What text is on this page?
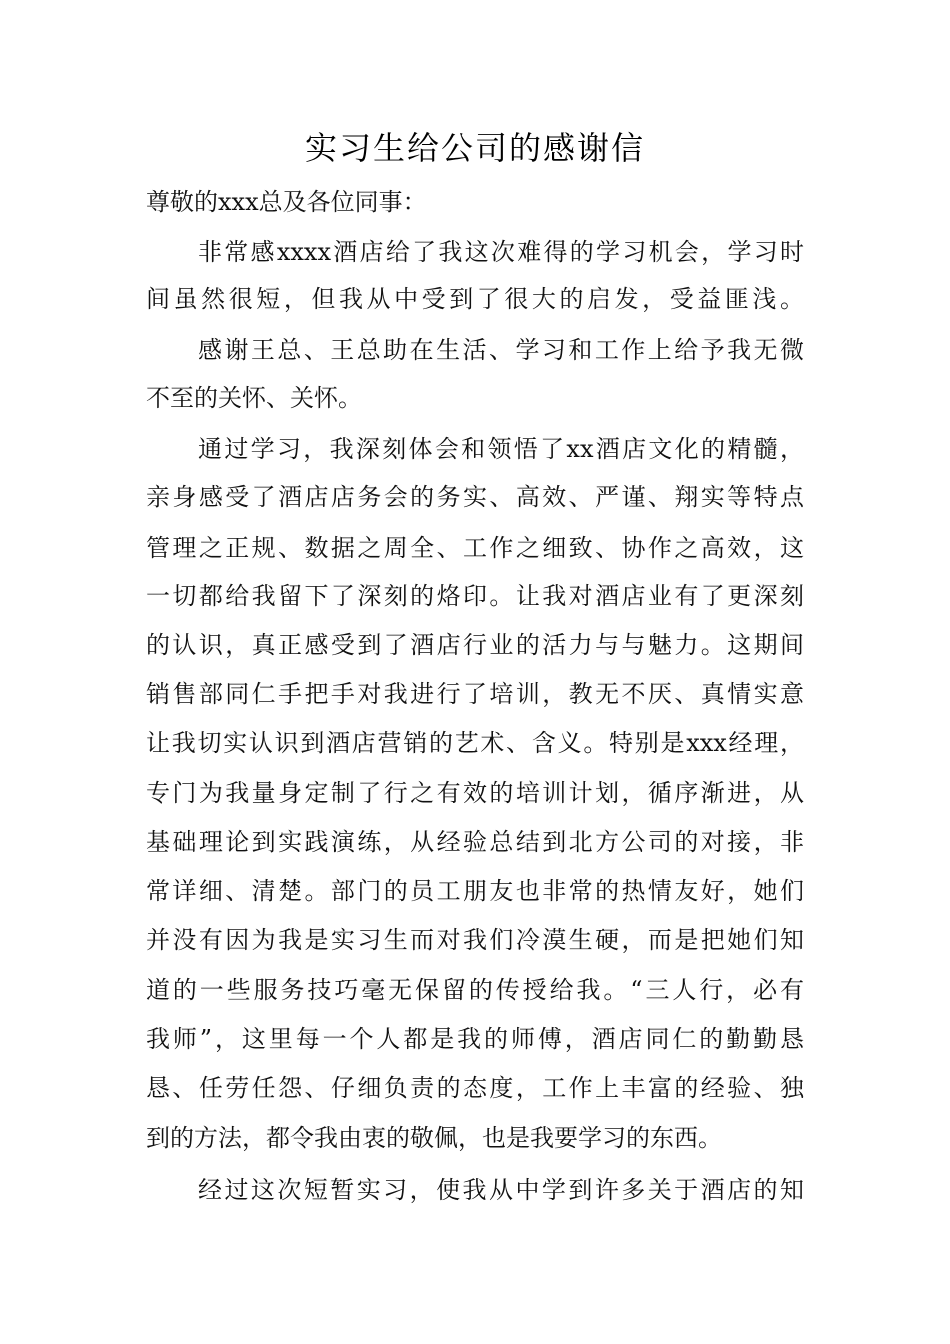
实习生给公司的感谢信
尊敬的xxx总及各位同事：
非常感xxxx酒店给了我这次难得的学习机会，学习时
间虽然很短，但我从中受到了很大的启发，受益匪浅。
感谢王总、王总助在生活、学习和工作上给予我无微
不至的关怀、关怀。
通过学习，我深刻体会和领悟了xx酒店文化的精髓，
亲身感受了酒店店务会的务实、高效、严谨、翔实等特点
管理之正规、数据之周全、工作之细致、协作之高效，这
一切都给我留下了深刻的烙印。让我对酒店业有了更深刻
的认识，真正感受到了酒店行业的活力与与魅力。这期间
销售部同仁手把手对我进行了培训，教无不厌、真情实意
让我切实认识到酒店营销的艺术、含义。特别是xxx经理，
专门为我量身定制了行之有效的培训计划，循序渐进，从
基础理论到实践演练，从经验总结到北方公司的对接，非
常详细、清楚。部门的员工朋友也非常的热情友好，她们
并没有因为我是实习生而对我们冷漠生硬，而是把她们知
道的一些服务技巧毫无保留的传授给我。“三人行，必有
我师”，这里每一个人都是我的师傅，酒店同仁的勤勤恳
恳、任劳任怨、仔细负责的态度，工作上丰富的经验、独
到的方法，都令我由衷的敬佩，也是我要学习的东西。
经过这次短暂实习，使我从中学到许多关于酒店的知
